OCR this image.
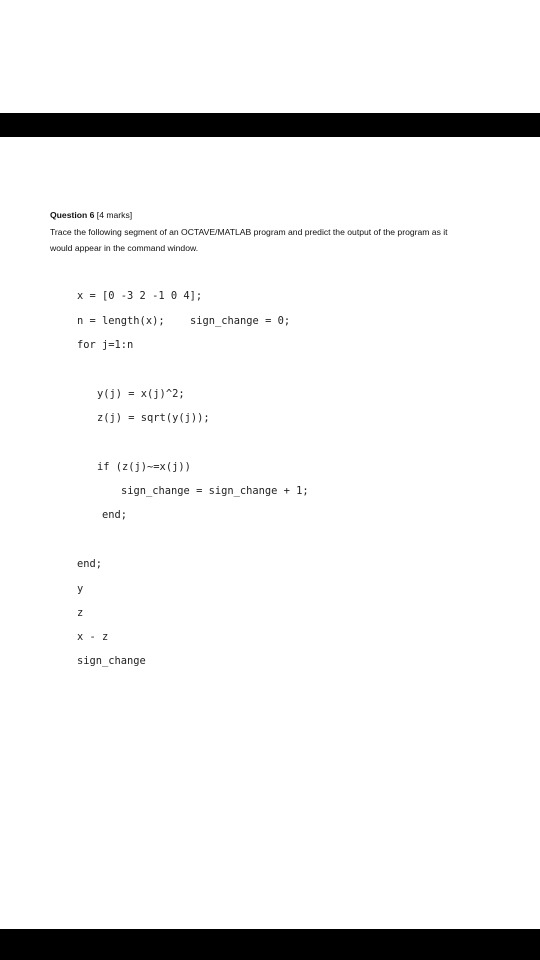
Question 6 [4 marks]
Trace the following segment of an OCTAVE/MATLAB program and predict the output of the program as it
would appear in the command window.
x = [0 -3 2 -1 0 4];
n = length(x); sign_change = 0;
for j=1:n
y(j) = x(j)^2;
z(j) = sqrt(y(j));
if (z(j)~=x(j))
sign_change = sign_change + 1;
end;
end;
y
z
x - z
sign_change
